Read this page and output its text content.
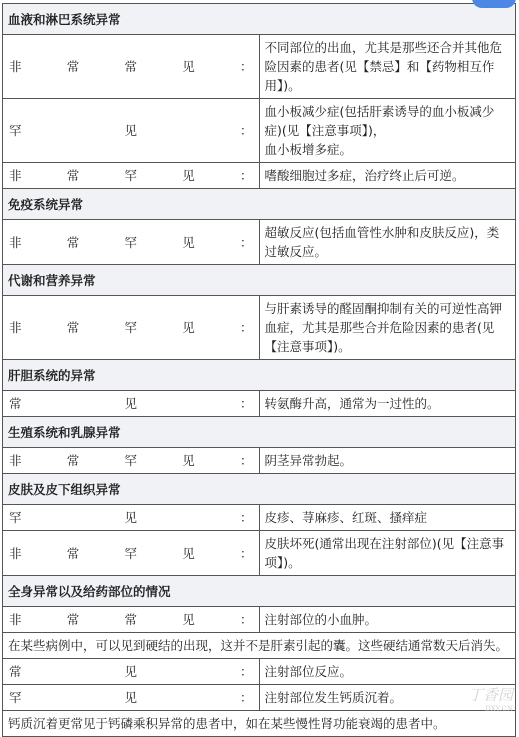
血液和淋巴系统异常	
非常常见：	不同部位的出血，尤其是那些还合并其他危险因素的患者(见【禁忌】和【药物相互作用】)。
罕见：	血小板减少症(包括肝素诱导的血小板减少症)(见【注意事项】)，
血小板增多症。
非常罕见：	嗜酸细胞过多症，治疗终止后可逆。
免疫系统异常	
非常罕见：	超敏反应(包括血管性水肿和皮肤反应)，类过敏反应。
代谢和营养异常	
非常罕见：	与肝素诱导的醛固酮抑制有关的可逆性高钾血症，尤其是那些合并危险因素的患者(见【注意事项】)。
肝胆系统的异常	
常见：	转氨酶升高，通常为一过性的。
生殖系统和乳腺异常	
非常罕见：	阴茎异常勃起。
皮肤及皮下组织异常	
罕见：	皮疹、荨麻疹、红斑、搔痒症
非常罕见：	皮肤坏死(通常出现在注射部位)(见【注意事项】)。
全身异常以及给药部位的情况	
非常常见：	注射部位的小血肿。
在某些病例中，可以见到硬结的出现，这并不是肝素引起的囊。这些硬结通常数天后消失。	
常见：	注射部位反应。
罕见：	注射部位发生钙质沉着。
钙质沉着更常见于钙磷乘积异常的患者中，如在某些慢性肾功能衰竭的患者中。	
丁香园
DXY.CN
